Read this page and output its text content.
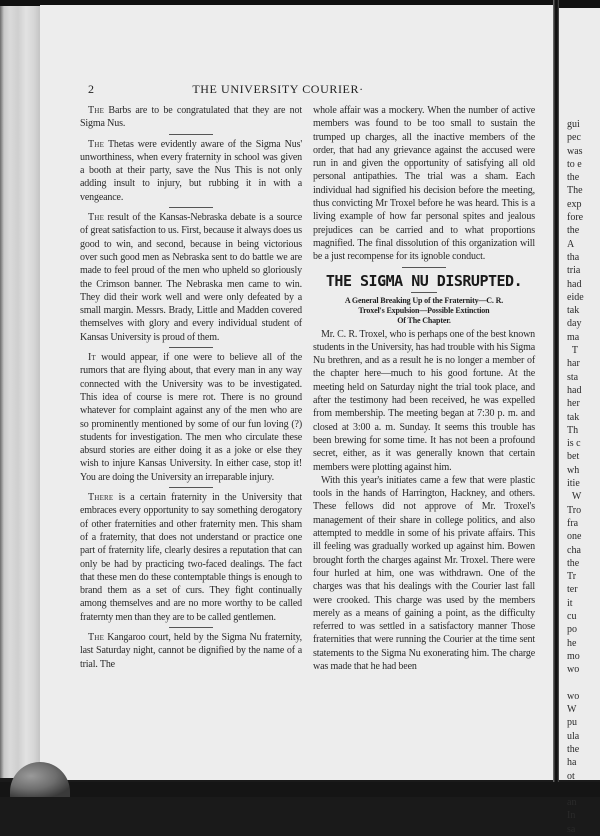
2	THE UNIVERSITY COURIER·

The Barbs are to be congratulated that they are not Sigma Nus.

The Thetas were evidently aware of the Sigma Nus' unworthiness, when every fraternity in school was given a booth at their party, save the Nus This is not only adding insult to injury, but rubbing it in with a vengeance.

The result of the Kansas-Nebraska debate is a source of great satisfaction to us. First, because it always does us good to win, and second, because in being victorious over such good men as Nebraska sent to do battle we are made to feel proud of the men who upheld so gloriously the Crimson banner. The Nebraska men came to win. They did their work well and were only defeated by a small margin. Messrs. Brady, Little and Madden covered themselves with glory and every individual student of Kansas University is proud of them.

It would appear, if one were to believe all of the rumors that are flying about, that every man in any way connected with the University was to be investigated. This idea of course is mere rot. There is no ground whatever for complaint against any of the men who are so prominently mentioned by some of our fun loving (?) students for investigation. The men who circulate these absurd stories are either doing it as a joke or else they wish to injure Kansas University. In either case, stop it! You are doing the University an irreparable injury.

There is a certain fraternity in the University that embraces every opportunity to say something derogatory of other fraternities and other fraternity men. This sham of a fraternity, that does not understand or practice one part of fraternity life, clearly desires a reputation that can only be had by practicing two-faced dealings. The fact that these men do these contemptable things is enough to brand them as a set of curs. They fight continually among themselves and are no more worthy to be called fraternty men than they are to be called gentlemen.

The Kangaroo court, held by the Sigma Nu fraternity, last Saturday night, cannot be dignified by the name of a trial. The

whole affair was a mockery. When the number of active members was found to be too small to sustain the trumped up charges, all the inactive members of the order, that had any grievance against the accused were run in and given the opportunity of satisfying all old personal antipathies. The trial was a sham. Each individual had signified his decision before the meeting, thus convicting Mr Troxel before he was heard. This is a living example of how far personal spites and jealous prejudices can be carried and to what proportions magnified. The final dissolution of this organization will be a just recompense for its ignoble conduct.

THE SIGMA NU DISRUPTED.
A General Breaking Up of the Fraternity—C. R.
Troxel's Expulsion—Possible Extinction
Of The Chapter.

Mr. C. R. Troxel, who is perhaps one of the best known students in the University, has had trouble with his Sigma Nu brethren, and as a result he is no longer a member of the chapter here—much to his good fortune. At the meeting held on Saturday night the trial took place, and after the testimony had been received, he was expelled from membership. The meeting began at 7:30 p. m. and closed at 3:00 a. m. Sunday. It seems this trouble has been brewing for some time. It has not been a profound secret, either, as it was generally known that certain members were plotting against him.

With this year's initiates came a few that were plastic tools in the hands of Harrington, Hackney, and others. These fellows did not approve of Mr. Troxel's management of their share in college politics, and also attempted to meddle in some of his private affairs. This ill feeling was gradually worked up against him. Bowen brought forth the charges against Mr. Troxel. There were four hurled at him, one was withdrawn. One of the charges was that his dealings with the Courier last fall were crooked. This charge was used by the members merely as a means of gaining a point, as the difficulty referred to was settled in a satisfactory manner Those fraternities that were running the Courier at the time sent statements to the Sigma Nu exonerating him. The charge was made that he had been

gui
pec
was
to e
the
The
exp
fore
the
A
tha
tria
had
eide
tak
day
ma
T
har
sta
had
her
tak
Th
is c
bet
wh
itie
W
Tro
fra
one
cha
the
Tr
ter
it
cu
po
he
mo
wo

wo
W
pu
ula
the
ha
ot

an
In
sa
